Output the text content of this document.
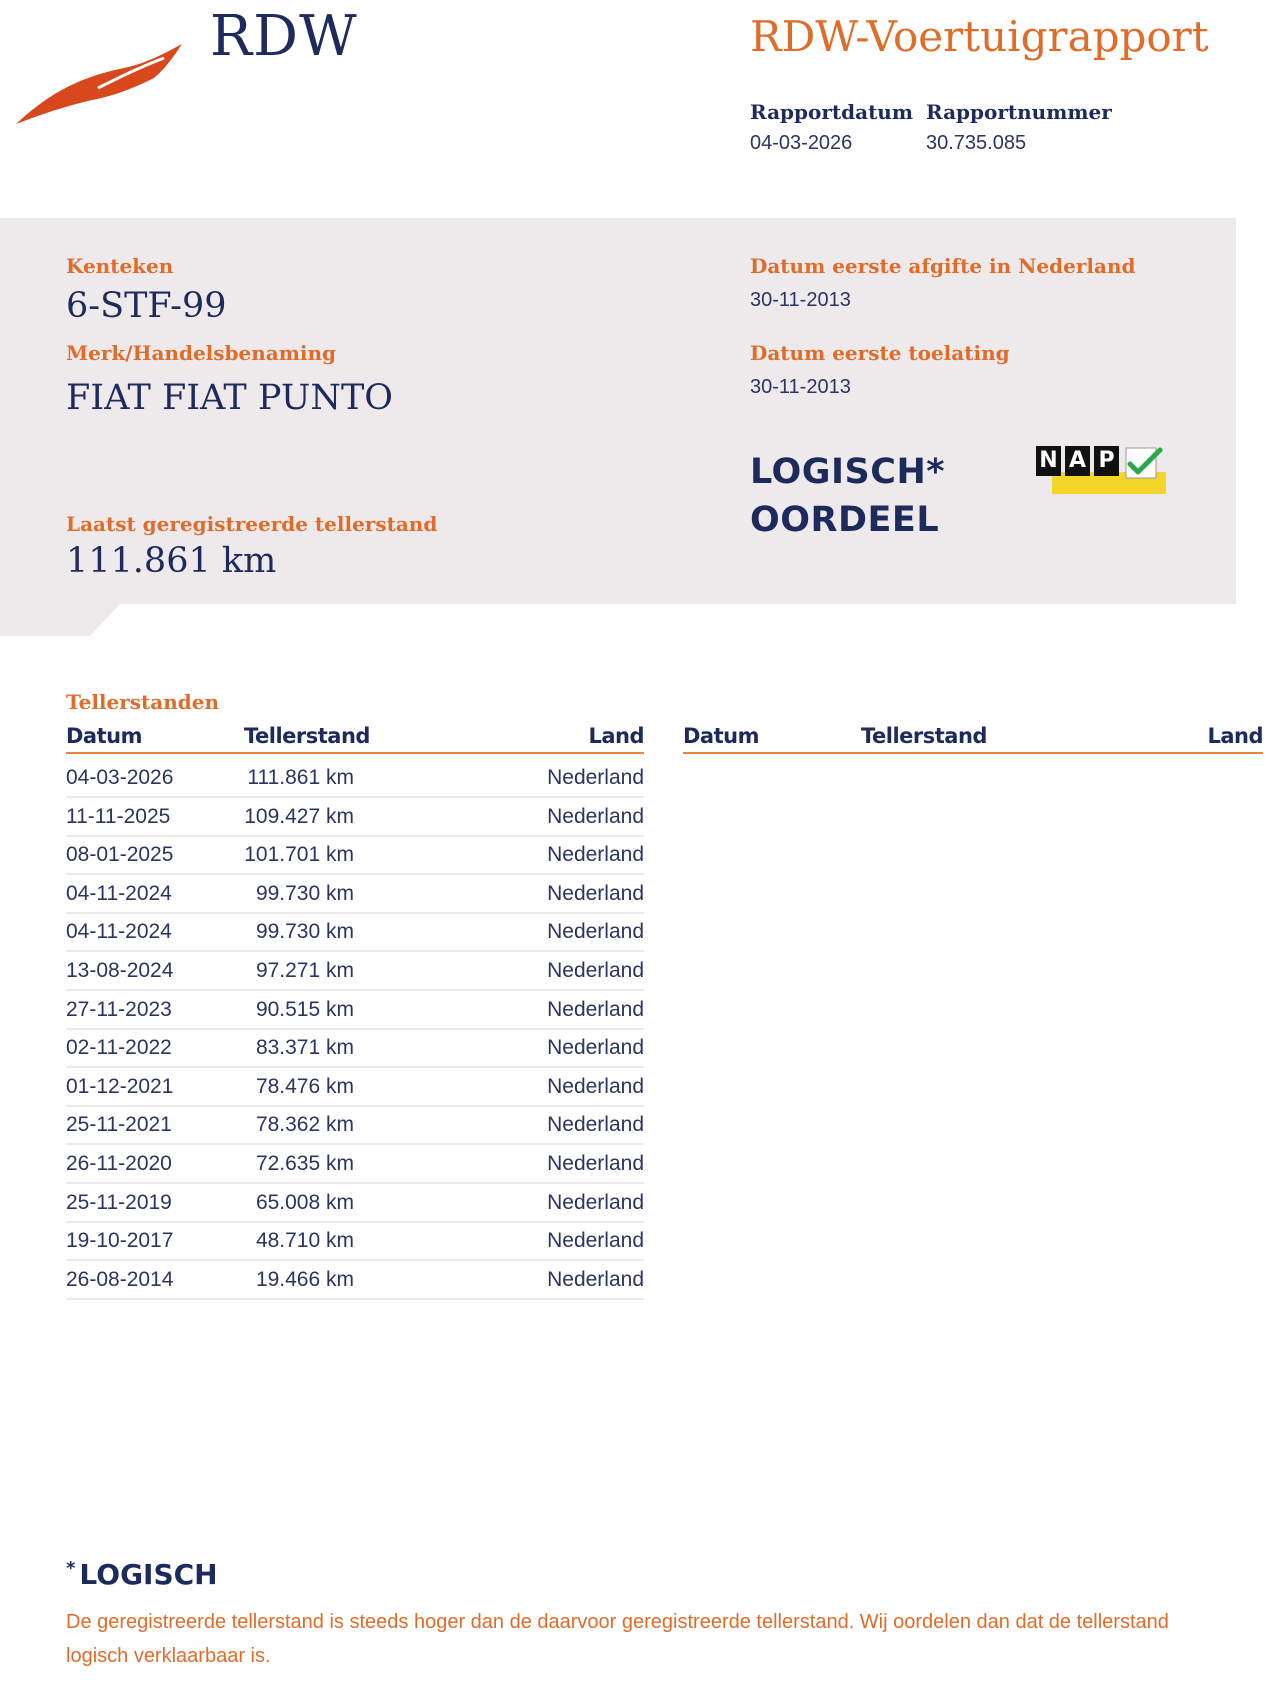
RDW	RDW-Voertuigrapport
Rapportdatum
04-03-2026
Rapportnummer
30.735.085
Kenteken
6-STF-99
Merk/Handelsbenaming
FIAT FIAT PUNTO
Laatst geregistreerde tellerstand
111.861 km
Datum eerste afgifte in Nederland
30-11-2013
Datum eerste toelating
30-11-2013
LOGISCH*
OORDEEL
N A P
Tellerstanden
Datum	Tellerstand	Land
04-03-2026	111.861 km	Nederland
11-11-2025	109.427 km	Nederland
08-01-2025	101.701 km	Nederland
04-11-2024	99.730 km	Nederland
04-11-2024	99.730 km	Nederland
13-08-2024	97.271 km	Nederland
27-11-2023	90.515 km	Nederland
02-11-2022	83.371 km	Nederland
01-12-2021	78.476 km	Nederland
25-11-2021	78.362 km	Nederland
26-11-2020	72.635 km	Nederland
25-11-2019	65.008 km	Nederland
19-10-2017	48.710 km	Nederland
26-08-2014	19.466 km	Nederland
Datum	Tellerstand	Land
* LOGISCH
De geregistreerde tellerstand is steeds hoger dan de daarvoor geregistreerde tellerstand. Wij oordelen dan dat de tellerstand logisch verklaarbaar is.
